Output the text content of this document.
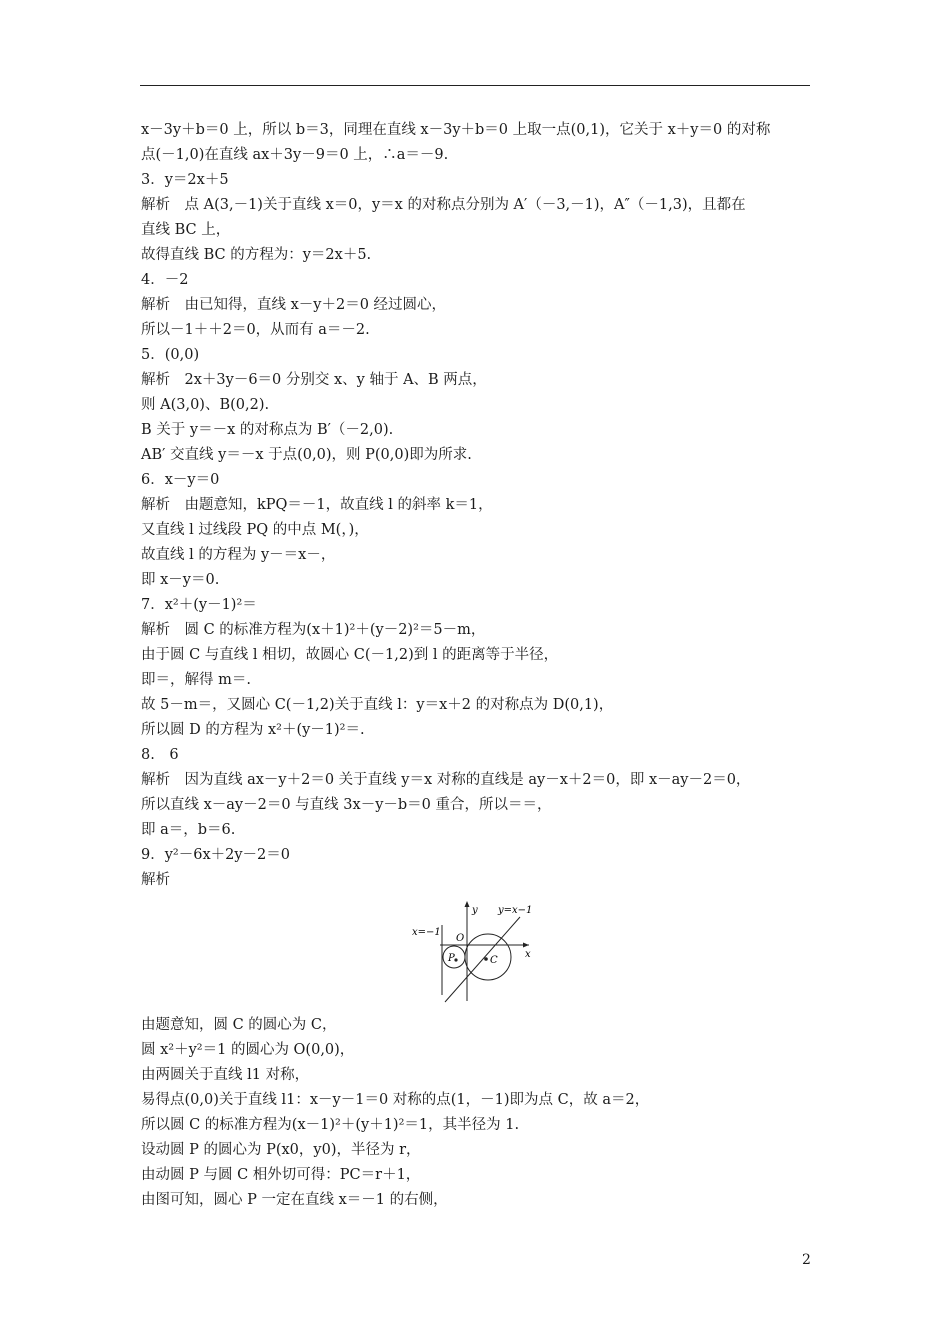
x－3y＋b＝0 上，所以 b＝3，同理在直线 x－3y＋b＝0 上取一点(0,1)，它关于 x＋y＝0 的对称
点(－1,0)在直线 ax＋3y－9＝0 上，∴a＝－9.
3．y＝2x＋5
解析　点 A(3,－1)关于直线 x＝0，y＝x 的对称点分别为 A′（－3,－1)，A″（－1,3)，且都在
直线 BC 上，
故得直线 BC 的方程为：y＝2x＋5.
4．－2
解析　由已知得，直线 x－y＋2＝0 经过圆心，
所以－1＋＋2＝0，从而有 a＝－2.
5．(0,0)
解析　2x＋3y－6＝0 分别交 x、y 轴于 A、B 两点，
则 A(3,0)、B(0,2).
B 关于 y＝－x 的对称点为 B′（－2,0).
AB′ 交直线 y＝－x 于点(0,0)，则 P(0,0)即为所求.
6．x－y＝0
解析　由题意知，kPQ＝－1，故直线 l 的斜率 k＝1，
又直线 l 过线段 PQ 的中点 M(，)，
故直线 l 的方程为 y－＝x－，
即 x－y＝0.
7．x²＋(y－1)²＝
解析　圆 C 的标准方程为(x＋1)²＋(y－2)²＝5－m，
由于圆 C 与直线 l 相切，故圆心 C(－1,2)到 l 的距离等于半径，
即＝，解得 m＝.
故 5－m＝，又圆心 C(－1,2)关于直线 l：y＝x＋2 的对称点为 D(0,1)，
所以圆 D 的方程为 x²＋(y－1)²＝.
8.　6
解析　因为直线 ax－y＋2＝0 关于直线 y＝x 对称的直线是 ay－x＋2＝0，即 x－ay－2＝0，
所以直线 x－ay－2＝0 与直线 3x－y－b＝0 重合，所以＝＝，
即 a＝，b＝6.
9．y²－6x＋2y－2＝0
解析
y y=x−1
x=−1
O
x
P	C
由题意知，圆 C 的圆心为 C，
圆 x²＋y²＝1 的圆心为 O(0,0)，
由两圆关于直线 l1 对称，
易得点(0,0)关于直线 l1：x－y－1＝0 对称的点(1，－1)即为点 C，故 a＝2，
所以圆 C 的标准方程为(x－1)²＋(y＋1)²＝1，其半径为 1.
设动圆 P 的圆心为 P(x0，y0)，半径为 r，
由动圆 P 与圆 C 相外切可得：PC＝r＋1，
由图可知，圆心 P 一定在直线 x＝－1 的右侧，
2
